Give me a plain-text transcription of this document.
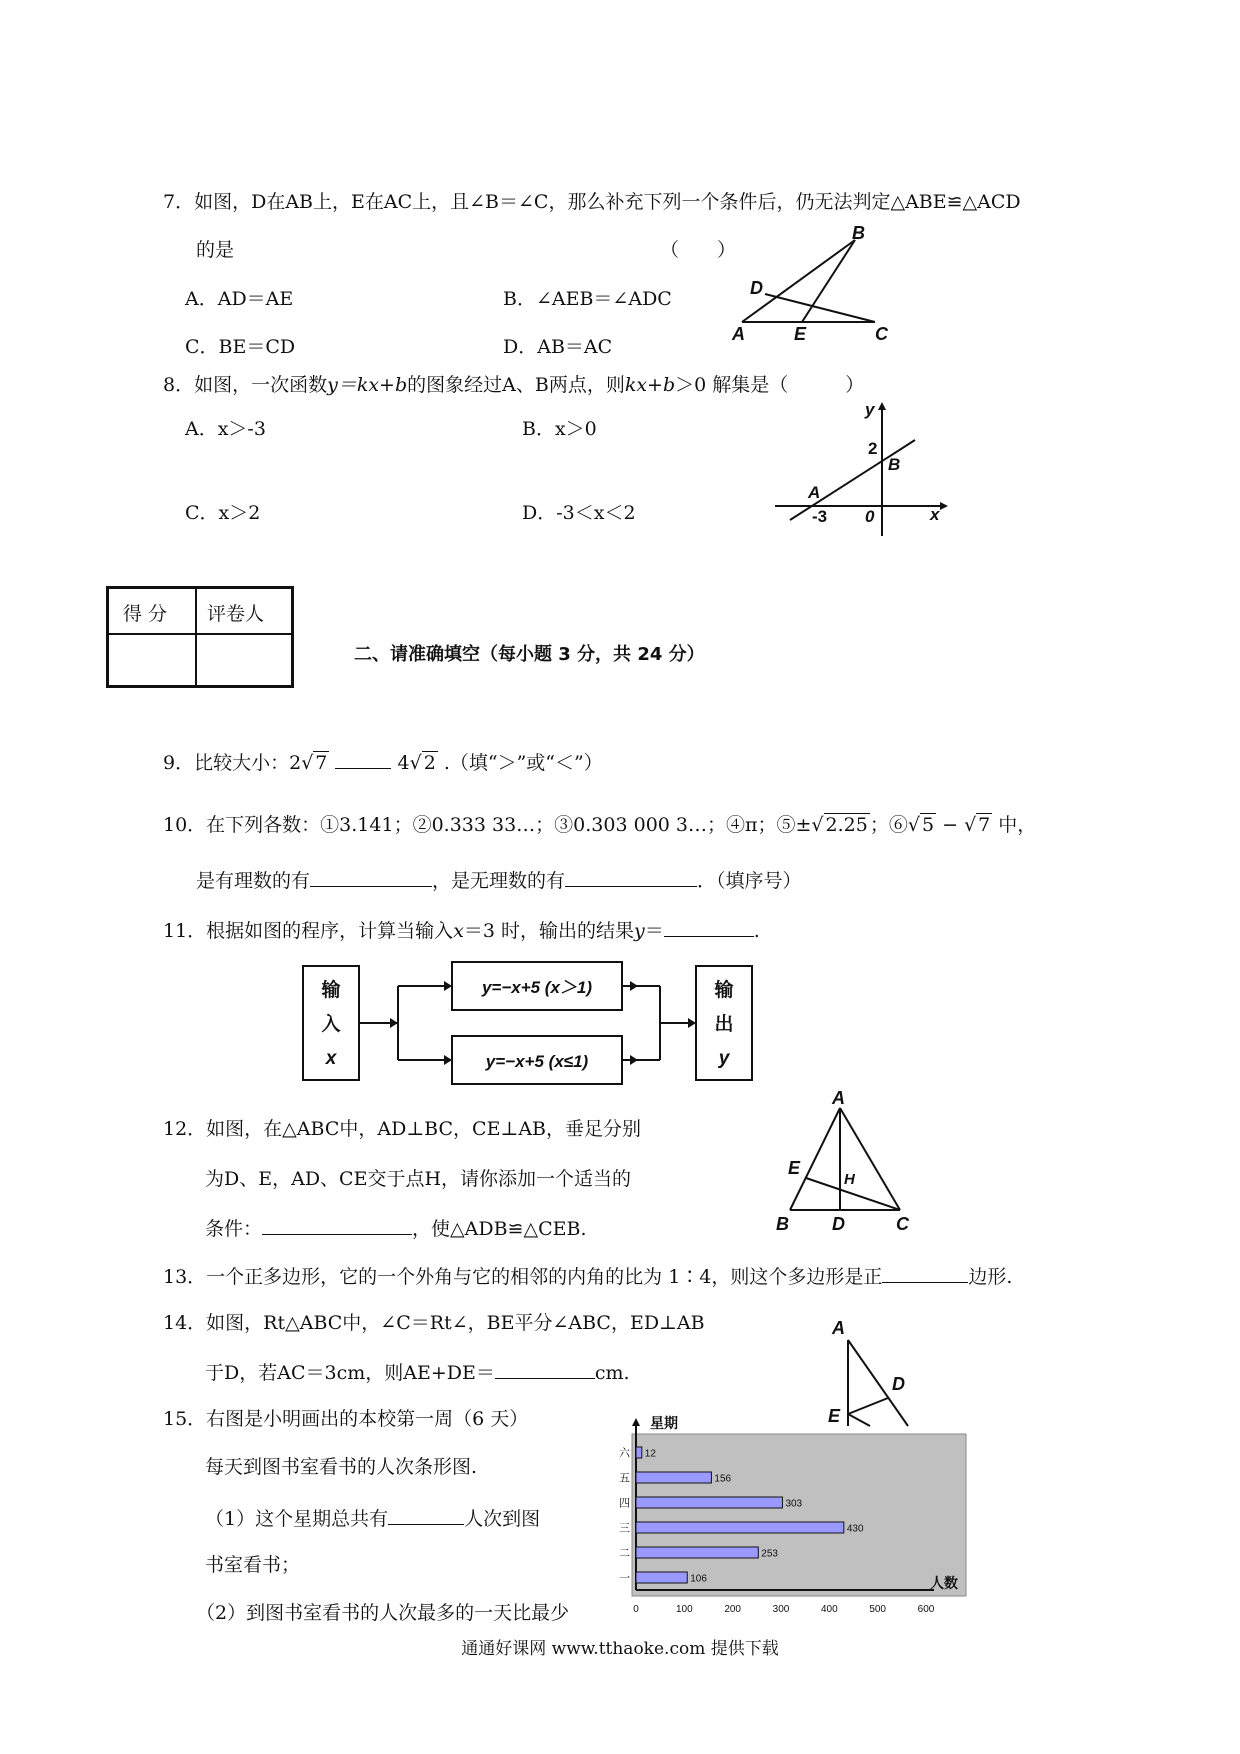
7．如图，D在AB上，E在AC上，且∠B＝∠C，那么补充下列一个条件后，仍无法判定△ABE≌△ACD
的是	（　　）
A．AD＝AE	B．∠AEB＝∠ADC
C．BE＝CD	D．AB＝AC
B
D
A	E	C
8．如图，一次函数y＝kx+b的图象经过A、B两点，则kx+b＞0 解集是（　　　）
A．x＞-3	B．x＞0
C．x＞2	D．-3＜x＜2
y
x
2
B
A
-3 0
得 分 评卷人
二、请准确填空（每小题 3 分，共 24 分）
9．比较大小：2√ 7	4√ 2 .（填“＞”或“＜”）
10．在下列各数：①3.141；②0.333 33…；③0.303 000 3…；④π；⑤±√ 2.25 ；⑥√ 5 − √ 7 中，
是有理数的有	，是无理数的有	．（填序号）
11．根据如图的程序，计算当输入x＝3 时，输出的结果y＝	.
输
入
x
y=−x+5 (x＞1)
y=−x+5 (x≤1)
输
出
y
12．如图，在△ABC中，AD⊥BC，CE⊥AB，垂足分别
为D、E，AD、CE交于点H，请你添加一个适当的
条件：	，使△ADB≌△CEB.
A
E
H
B D	C
13．一个正多边形，它的一个外角与它的相邻的内角的比为 1∶4，则这个多边形是正	边形.
14．如图，Rt△ABC中，∠C＝Rt∠，BE平分∠ABC，ED⊥AB
于D，若AC＝3cm，则AE+DE＝	cm.
A
D
E
15．右图是小明画出的本校第一周（6 天）
每天到图书室看书的人次条形图.
（1）这个星期总共有	人次到图
书室看书；
（2）到图书室看书的人次最多的一天比最少
星期
人数
一	106
二	253
三	430
四	303
五	156
六 12
0	100	200	300	400	500	600
通通好课网 www.tthaoke.com 提供下载
